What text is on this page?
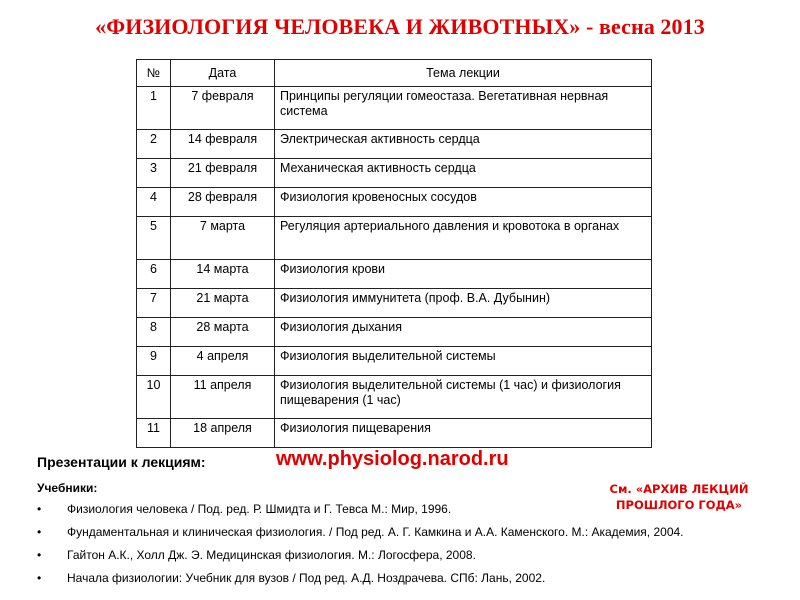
«ФИЗИОЛОГИЯ ЧЕЛОВЕКА И ЖИВОТНЫХ» - весна 2013
№	Дата	Тема лекции
1	7 февраля	Принципы регуляции гомеостаза. Вегетативная нервная система
2	14 февраля	Электрическая активность сердца
3	21 февраля	Механическая активность сердца
4	28 февраля	Физиология кровеносных сосудов
5	7 марта	Регуляция артериального давления и кровотока в органах
6	14 марта	Физиология крови
7	21 марта	Физиология иммунитета (проф. В.А. Дубынин)
8	28 марта	Физиология дыхания
9	4 апреля	Физиология выделительной системы
10	11 апреля	Физиология выделительной системы (1 час) и физиология пищеварения (1 час)
11	18 апреля	Физиология пищеварения
Презентации к лекциям:	www.physiolog.narod.ru
Учебники:
• Физиология человека / Под. ред. Р. Шмидта и Г. Тевса М.: Мир, 1996.
• Фундаментальная и клиническая физиология. / Под ред. А. Г. Камкина и А.А. Каменского. М.: Академия, 2004.
• Гайтон А.К., Холл Дж. Э. Медицинская физиология. М.: Логосфера, 2008.
• Начала физиологии: Учебник для вузов / Под ред. А.Д. Ноздрачева. СПб: Лань, 2002.
См. «АРХИВ ЛЕКЦИЙ
ПРОШЛОГО ГОДА»
